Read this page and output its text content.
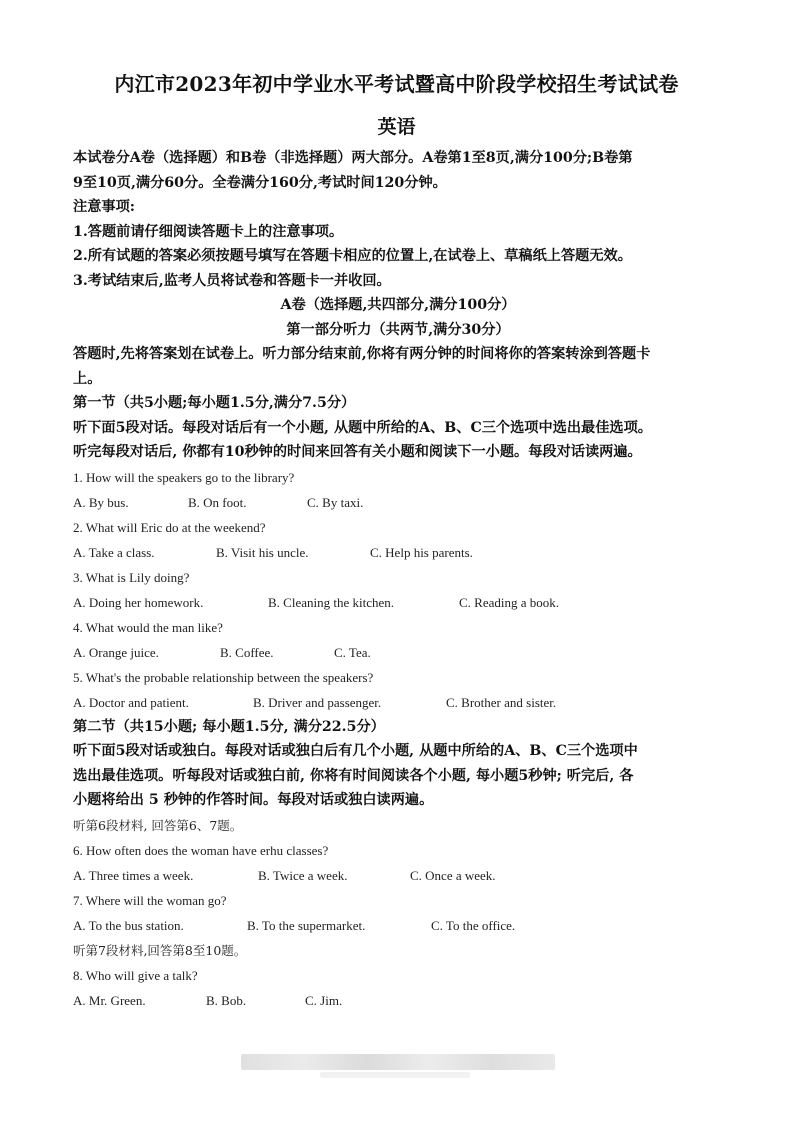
内江市2023年初中学业水平考试暨高中阶段学校招生考试试卷
英语

本试卷分A卷（选择题）和B卷（非选择题）两大部分。A卷第1至8页,满分100分;B卷第

9至10页,满分60分。全卷满分160分,考试时间120分钟。

注意事项:

1.答题前请仔细阅读答题卡上的注意事项。

2.所有试题的答案必须按题号填写在答题卡相应的位置上,在试卷上、草稿纸上答题无效。

3.考试结束后,监考人员将试卷和答题卡一并收回。

A卷（选择题,共四部分,满分100分）

第一部分听力（共两节,满分30分）

答题时,先将答案划在试卷上。听力部分结束前,你将有两分钟的时间将你的答案转涂到答题卡

上。

第一节（共5小题;每小题1.5分,满分7.5分）

听下面5段对话。每段对话后有一个小题, 从题中所给的A、B、C三个选项中选出最佳选项。

听完每段对话后, 你都有10秒钟的时间来回答有关小题和阅读下一小题。每段对话读两遍。

1. How will the speakers go to the library?

A. By bus.	B. On foot.	C. By taxi.

2. What will Eric do at the weekend?

A. Take a class.	B. Visit his uncle.	C. Help his parents.

3. What is Lily doing?

A. Doing her homework.	B. Cleaning the kitchen.	C. Reading a book.

4. What would the man like?

A. Orange juice.	B. Coffee.	C. Tea.

5. What's the probable relationship between the speakers?

A. Doctor and patient.	B. Driver and passenger.	C. Brother and sister.

第二节（共15小题; 每小题1.5分, 满分22.5分）

听下面5段对话或独白。每段对话或独白后有几个小题, 从题中所给的A、B、C三个选项中

选出最佳选项。听每段对话或独白前, 你将有时间阅读各个小题, 每小题5秒钟; 听完后, 各

小题将给出 5 秒钟的作答时间。每段对话或独白读两遍。

听第6段材料, 回答第6、7题。

6. How often does the woman have erhu classes?

A. Three times a week.	B. Twice a week.	C. Once a week.

7. Where will the woman go?

A. To the bus station.	B. To the supermarket.	C. To the office.

听第7段材料,回答第8至10题。

8. Who will give a talk?

A. Mr. Green.	B. Bob.	C. Jim.
